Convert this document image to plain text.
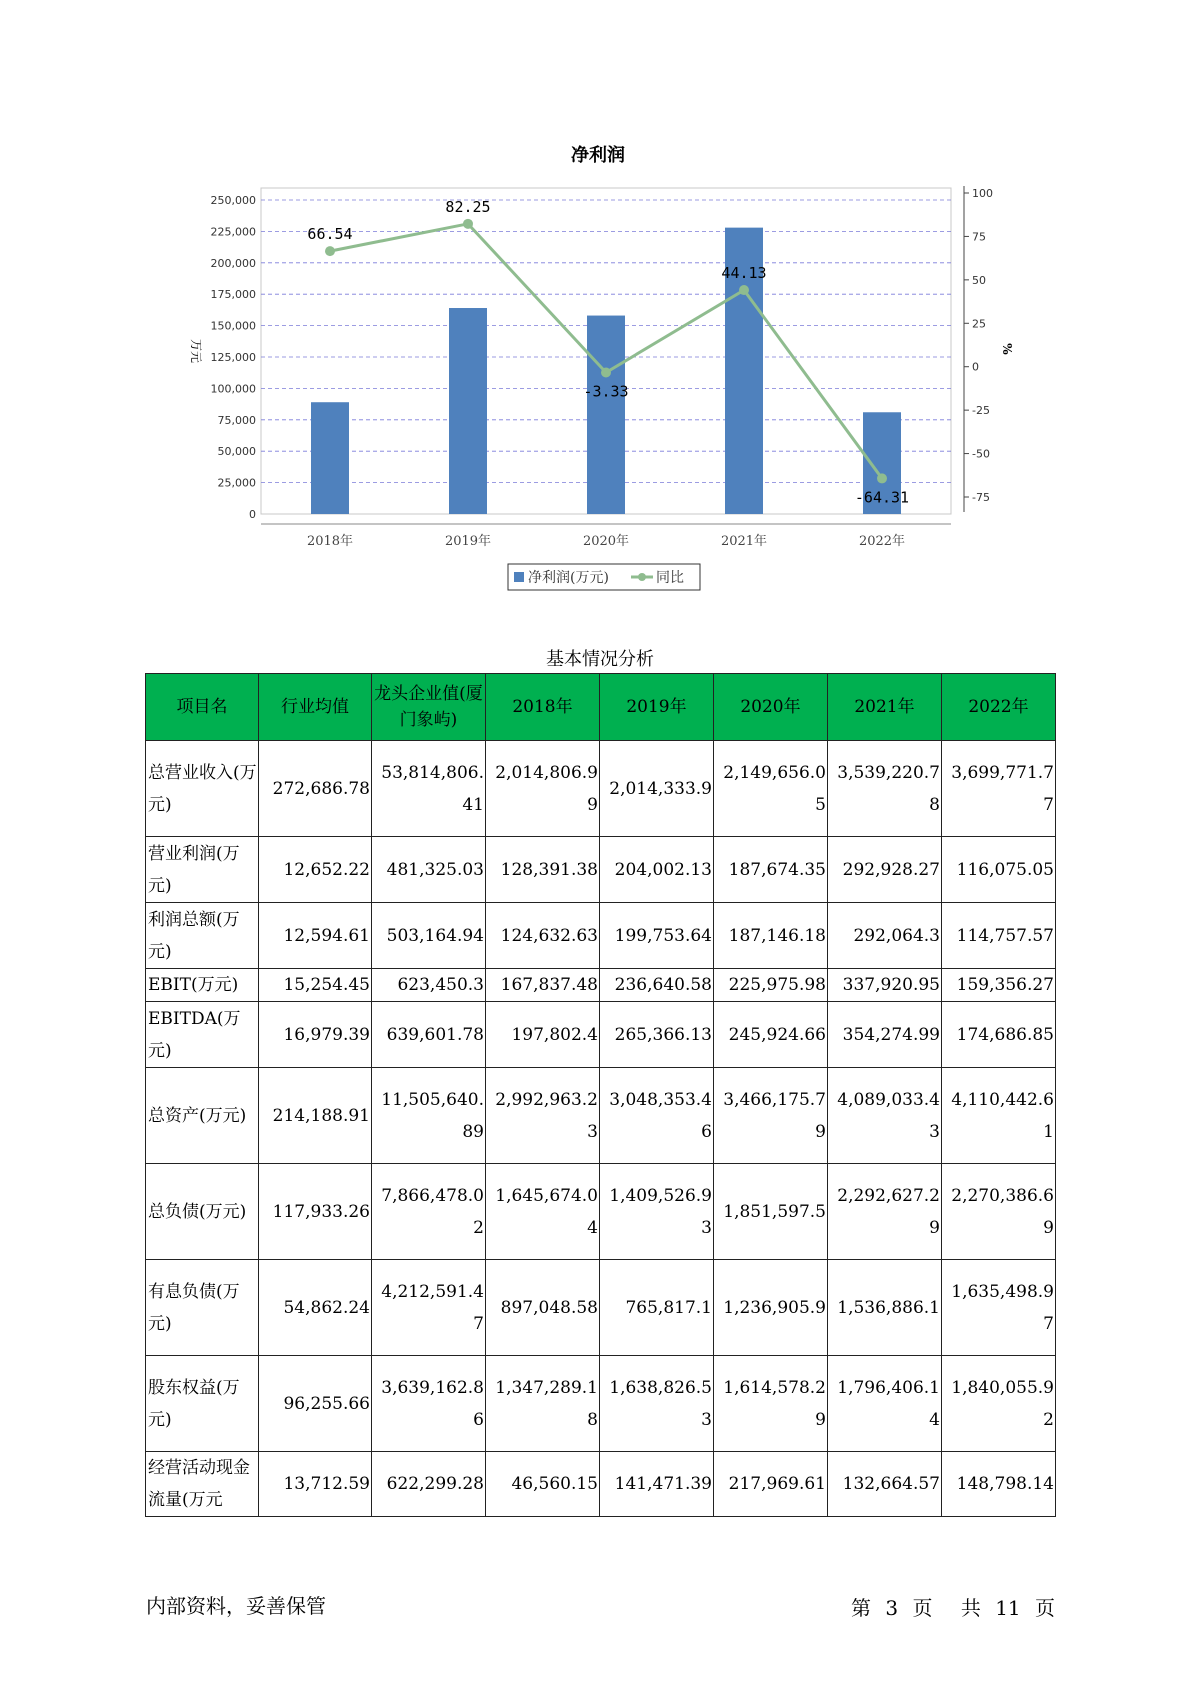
净利润
0
25,000
50,000
75,000
100,000
125,000
150,000
175,000
200,000
225,000
250,000
-75
-50
-25
0
25
50
75
100
万元	%
2018年	2019年	2020年	2021年	2022年
66.54
82.25
-3.33
44.13
-64.31
净利润(万元)	同比
基本情况分析
项目名	行业均值	龙头企业值(厦门象屿)	2018年	2019年	2020年	2021年	2022年
总营业收入(万元)	272,686.78	53,814,806.41	2,014,806.99	2,014,333.9	2,149,656.05	3,539,220.78	3,699,771.77
营业利润(万元)	12,652.22	481,325.03	128,391.38	204,002.13	187,674.35	292,928.27	116,075.05
利润总额(万元)	12,594.61	503,164.94	124,632.63	199,753.64	187,146.18	292,064.3	114,757.57
EBIT(万元)	15,254.45	623,450.3	167,837.48	236,640.58	225,975.98	337,920.95	159,356.27
EBITDA(万元)	16,979.39	639,601.78	197,802.4	265,366.13	245,924.66	354,274.99	174,686.85
总资产(万元)	214,188.91	11,505,640.89	2,992,963.23	3,048,353.46	3,466,175.79	4,089,033.43	4,110,442.61
总负债(万元)	117,933.26	7,866,478.02	1,645,674.04	1,409,526.93	1,851,597.5	2,292,627.29	2,270,386.69
有息负债(万元)	54,862.24	4,212,591.47	897,048.58	765,817.1	1,236,905.9	1,536,886.1	1,635,498.97
股东权益(万元)	96,255.66	3,639,162.86	1,347,289.18	1,638,826.53	1,614,578.29	1,796,406.14	1,840,055.92
经营活动现金流量(万元	13,712.59	622,299.28	46,560.15	141,471.39	217,969.61	132,664.57	148,798.14
内部资料，妥善保管	第 3 页 共 11 页
